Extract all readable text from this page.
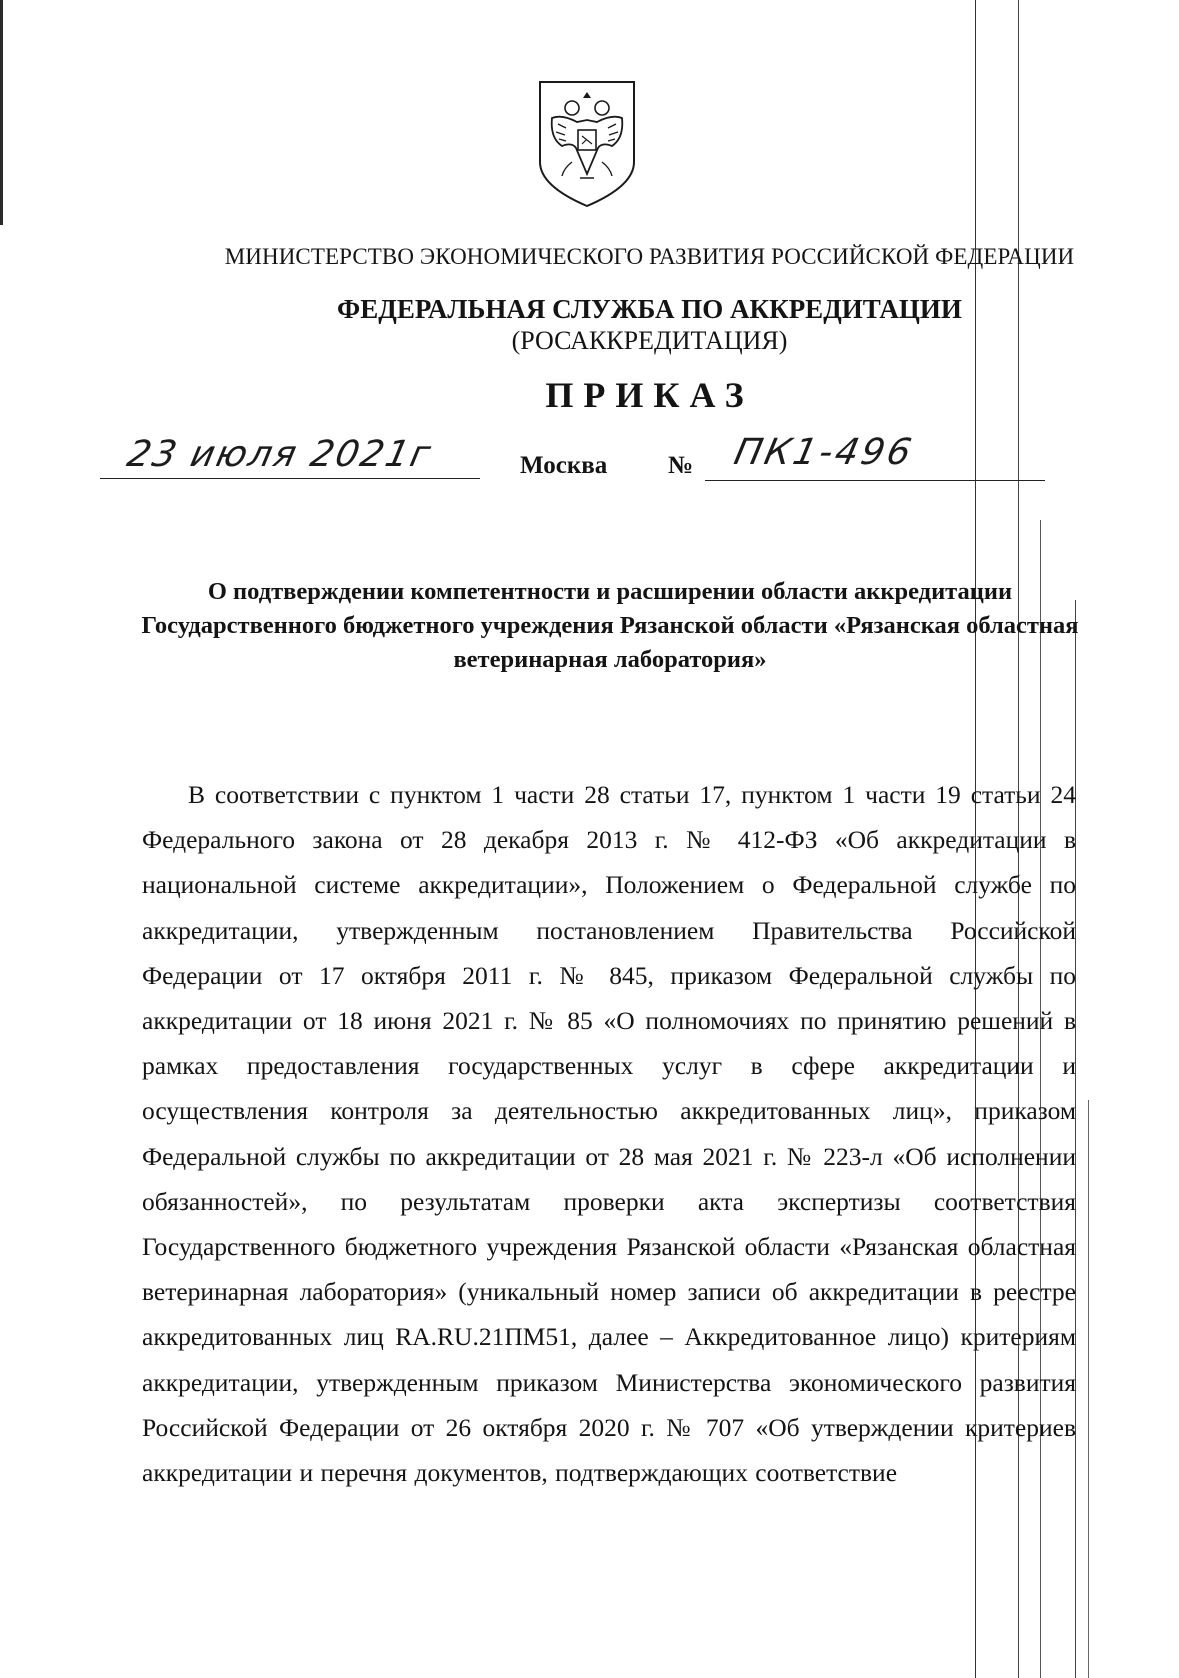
МИНИСТЕРСТВО ЭКОНОМИЧЕСКОГО РАЗВИТИЯ РОССИЙСКОЙ ФЕДЕРАЦИИ
ФЕДЕРАЛЬНАЯ СЛУЖБА ПО АККРЕДИТАЦИИ
(РОСАККРЕДИТАЦИЯ)
ПРИКАЗ
23 июля 2021г	Москва № ПК1-496
О подтверждении компетентности и расширении области аккредитации Государственного бюджетного учреждения Рязанской области «Рязанская областная ветеринарная лаборатория»
В соответствии с пунктом 1 части 28 статьи 17, пунктом 1 части 19 статьи 24 Федерального закона от 28 декабря 2013 г. № 412-ФЗ «Об аккредитации в национальной системе аккредитации», Положением о Федеральной службе по аккредитации, утвержденным постановлением Правительства Российской Федерации от 17 октября 2011 г. № 845, приказом Федеральной службы по аккредитации от 18 июня 2021 г. № 85 «О полномочиях по принятию решений в рамках предоставления государственных услуг в сфере аккредитации и осуществления контроля за деятельностью аккредитованных лиц», приказом Федеральной службы по аккредитации от 28 мая 2021 г. № 223-л «Об исполнении обязанностей», по результатам проверки акта экспертизы соответствия Государственного бюджетного учреждения Рязанской области «Рязанская областная ветеринарная лаборатория» (уникальный номер записи об аккредитации в реестре аккредитованных лиц RA.RU.21ПМ51, далее – Аккредитованное лицо) критериям аккредитации, утвержденным приказом Министерства экономического развития Российской Федерации от 26 октября 2020 г. № 707 «Об утверждении критериев аккредитации и перечня документов, подтверждающих соответствие
